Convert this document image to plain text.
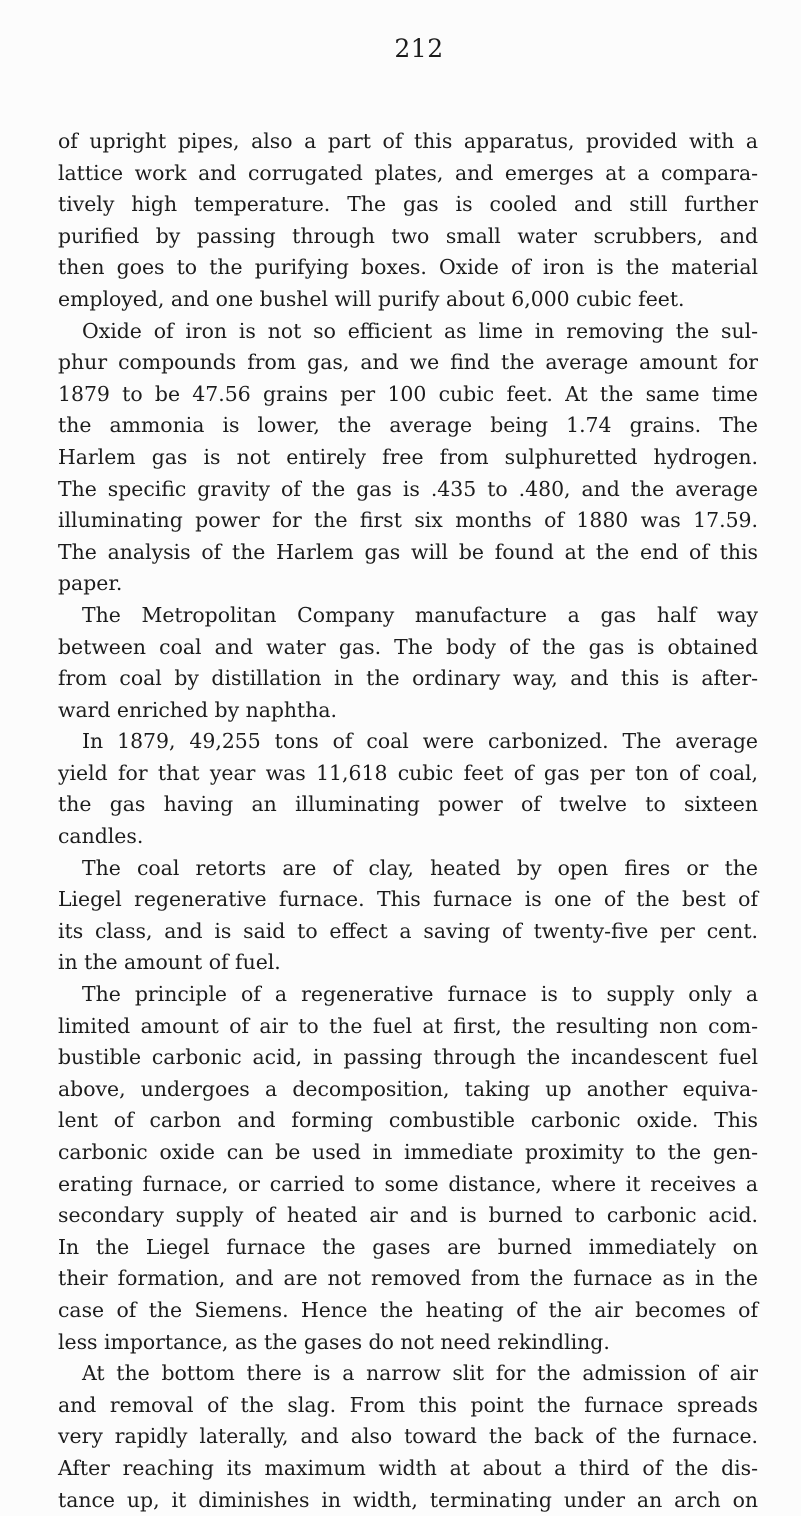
212
of upright pipes, also a part of this apparatus, provided with a
lattice work and corrugated plates, and emerges at a compara-
tively high temperature. The gas is cooled and still further
purified by passing through two small water scrubbers, and
then goes to the purifying boxes. Oxide of iron is the material
employed, and one bushel will purify about 6,000 cubic feet.
Oxide of iron is not so efficient as lime in removing the sul-
phur compounds from gas, and we find the average amount for
1879 to be 47.56 grains per 100 cubic feet. At the same time
the ammonia is lower, the average being 1.74 grains. The
Harlem gas is not entirely free from sulphuretted hydrogen.
The specific gravity of the gas is .435 to .480, and the average
illuminating power for the first six months of 1880 was 17.59.
The analysis of the Harlem gas will be found at the end of this
paper.
The Metropolitan Company manufacture a gas half way
between coal and water gas. The body of the gas is obtained
from coal by distillation in the ordinary way, and this is after-
ward enriched by naphtha.
In 1879, 49,255 tons of coal were carbonized. The average
yield for that year was 11,618 cubic feet of gas per ton of coal,
the gas having an illuminating power of twelve to sixteen
candles.
The coal retorts are of clay, heated by open fires or the
Liegel regenerative furnace. This furnace is one of the best of
its class, and is said to effect a saving of twenty-five per cent.
in the amount of fuel.
The principle of a regenerative furnace is to supply only a
limited amount of air to the fuel at first, the resulting non com-
bustible carbonic acid, in passing through the incandescent fuel
above, undergoes a decomposition, taking up another equiva-
lent of carbon and forming combustible carbonic oxide. This
carbonic oxide can be used in immediate proximity to the gen-
erating furnace, or carried to some distance, where it receives a
secondary supply of heated air and is burned to carbonic acid.
In the Liegel furnace the gases are burned immediately on
their formation, and are not removed from the furnace as in the
case of the Siemens. Hence the heating of the air becomes of
less importance, as the gases do not need rekindling.
At the bottom there is a narrow slit for the admission of air
and removal of the slag. From this point the furnace spreads
very rapidly laterally, and also toward the back of the furnace.
After reaching its maximum width at about a third of the dis-
tance up, it diminishes in width, terminating under an arch on
